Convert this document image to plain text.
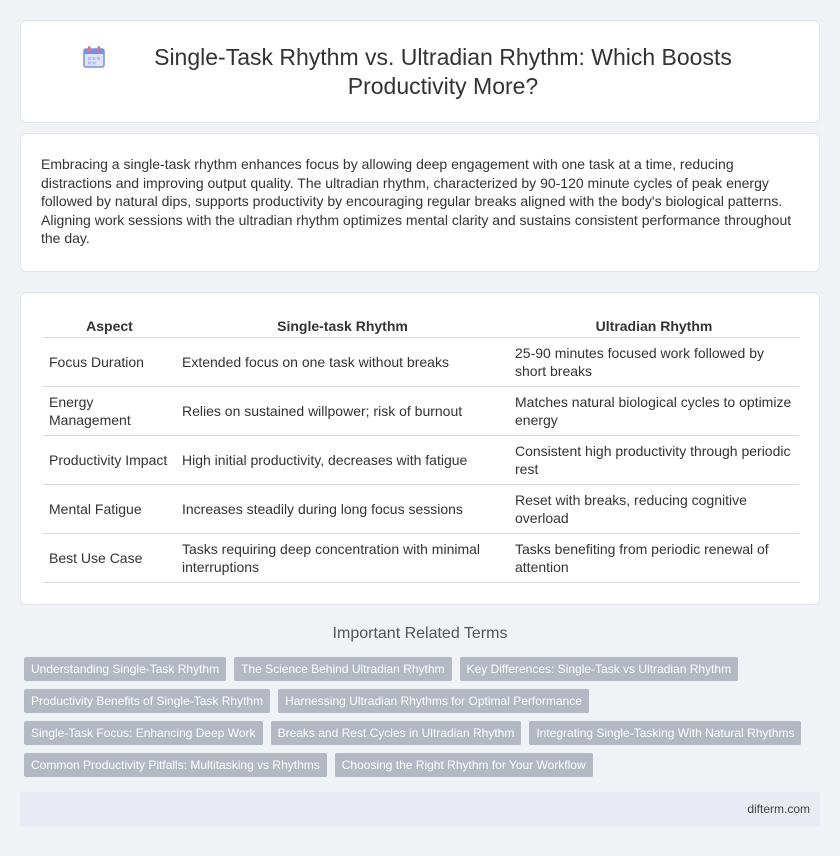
Single-Task Rhythm vs. Ultradian Rhythm: Which Boosts Productivity More?

Embracing a single-task rhythm enhances focus by allowing deep engagement with one task at a time, reducing distractions and improving output quality. The ultradian rhythm, characterized by 90-120 minute cycles of peak energy followed by natural dips, supports productivity by encouraging regular breaks aligned with the body's biological patterns. Aligning work sessions with the ultradian rhythm optimizes mental clarity and sustains consistent performance throughout the day.

Aspect	Single-task Rhythm	Ultradian Rhythm
Focus Duration	Extended focus on one task without breaks	25-90 minutes focused work followed by short breaks
Energy Management	Relies on sustained willpower; risk of burnout	Matches natural biological cycles to optimize energy
Productivity Impact	High initial productivity, decreases with fatigue	Consistent high productivity through periodic rest
Mental Fatigue	Increases steadily during long focus sessions	Reset with breaks, reducing cognitive overload
Best Use Case	Tasks requiring deep concentration with minimal interruptions	Tasks benefiting from periodic renewal of attention
Important Related Terms
Understanding Single-Task Rhythm	The Science Behind Ultradian Rhythm	Key Differences: Single-Task vs Ultradian Rhythm
Productivity Benefits of Single-Task Rhythm	Harnessing Ultradian Rhythms for Optimal Performance
Single-Task Focus: Enhancing Deep Work	Breaks and Rest Cycles in Ultradian Rhythm	Integrating Single-Tasking With Natural Rhythms
Common Productivity Pitfalls: Multitasking vs Rhythms	Choosing the Right Rhythm for Your Workflow
difterm.com
